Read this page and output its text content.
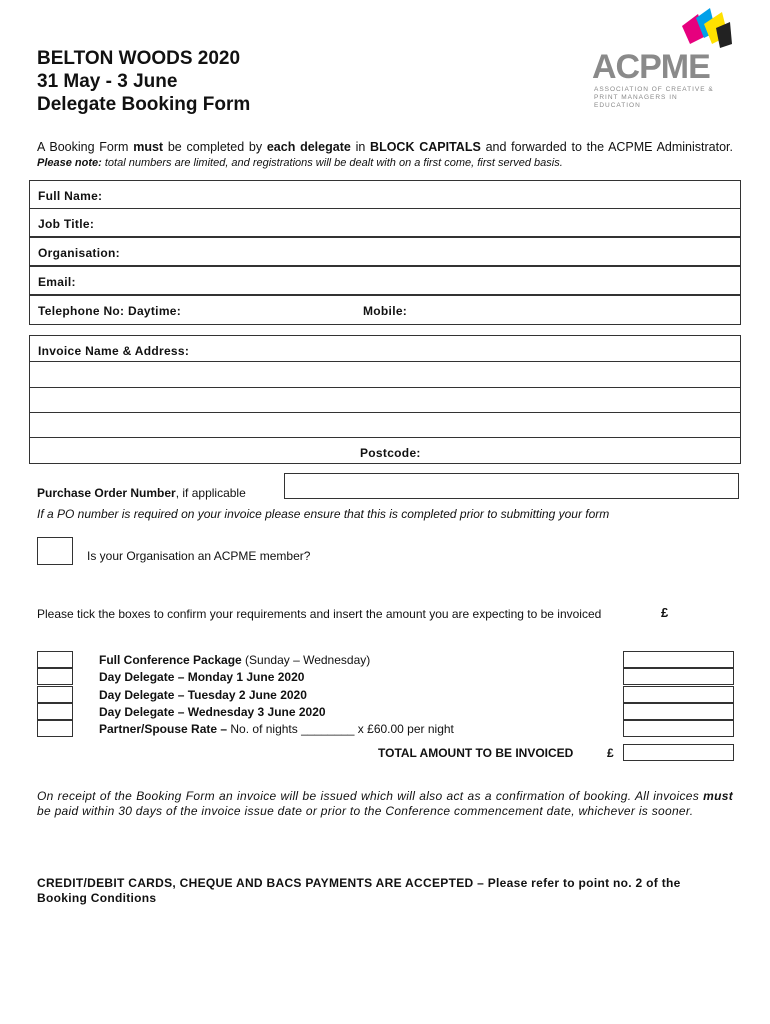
BELTON WOODS 2020
31 May - 3 June
Delegate Booking Form
ACPME
ASSOCIATION OF CREATIVE &
PRINT MANAGERS IN EDUCATION
A Booking Form must be completed by each delegate in BLOCK CAPITALS and forwarded to the ACPME Administrator. Please note: total numbers are limited, and registrations will be dealt with on a first come, first served basis.
Full Name:
Job Title:
Organisation:
Email:
Telephone No: Daytime:	Mobile:
Invoice Name & Address:
Postcode:
Purchase Order Number, if applicable
If a PO number is required on your invoice please ensure that this is completed prior to submitting your form
Is your Organisation an ACPME member?
Please tick the boxes to confirm your requirements and insert the amount you are expecting to be invoiced	£
Full Conference Package (Sunday – Wednesday)
Day Delegate – Monday 1 June 2020
Day Delegate – Tuesday 2 June 2020
Day Delegate – Wednesday 3 June 2020
Partner/Spouse Rate – No. of nights ________ x £60.00 per night
TOTAL AMOUNT TO BE INVOICED	£
On receipt of the Booking Form an invoice will be issued which will also act as a confirmation of booking. All invoices must be paid within 30 days of the invoice issue date or prior to the Conference commencement date, whichever is sooner.
CREDIT/DEBIT CARDS, CHEQUE AND BACS PAYMENTS ARE ACCEPTED – Please refer to point no. 2 of the Booking Conditions
